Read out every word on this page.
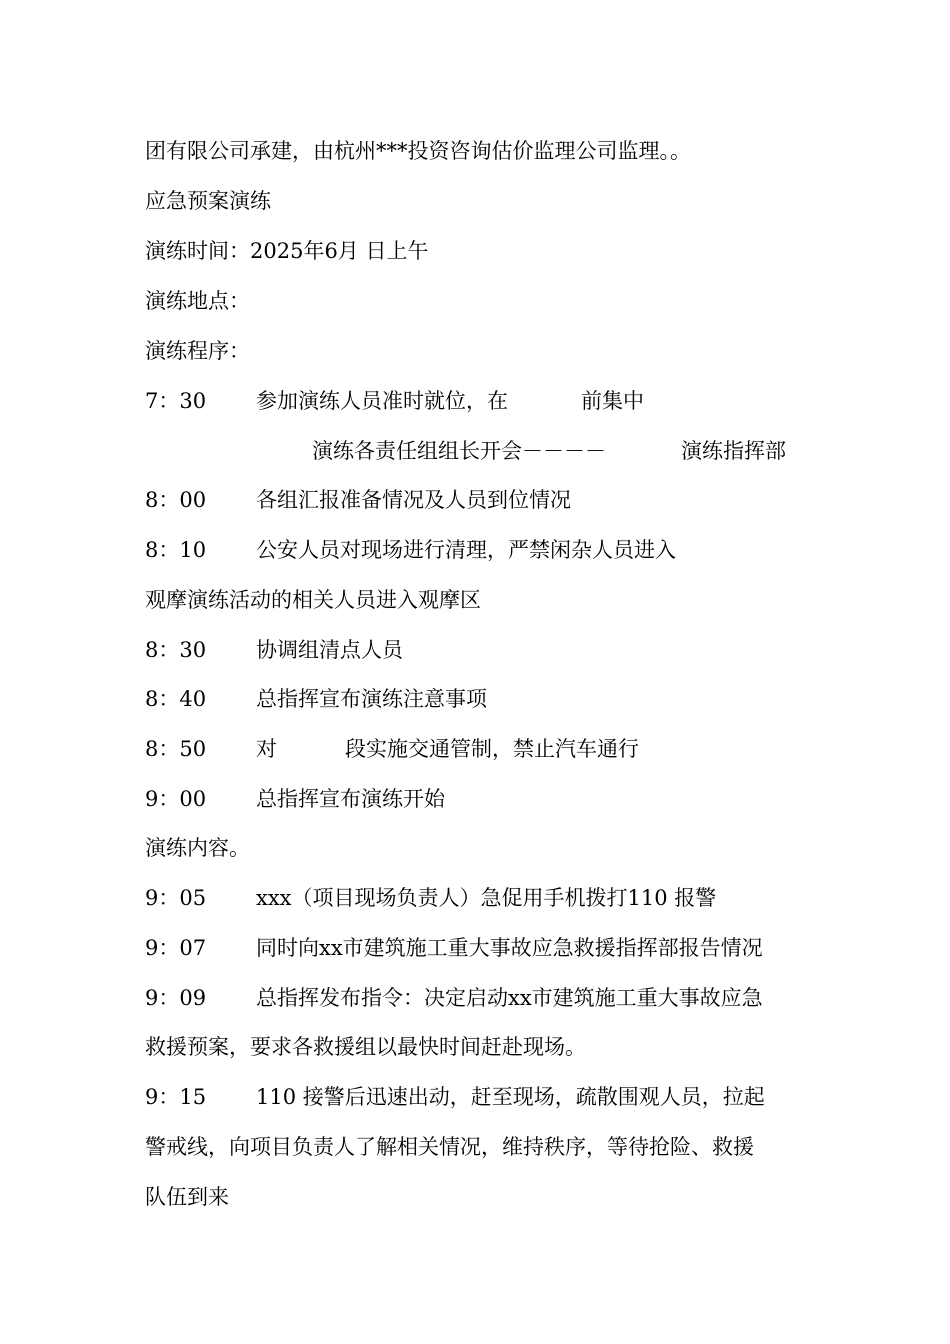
团有限公司承建，由杭州***投资咨询估价监理公司监理。。
应急预案演练
演练时间：2025年6月 日上午
演练地点：
演练程序：
7：30 参加演练人员准时就位，在	前集中
演练各责任组组长开会－－－－	演练指挥部
8：00 各组汇报准备情况及人员到位情况
8：10 公安人员对现场进行清理，严禁闲杂人员进入
观摩演练活动的相关人员进入观摩区
8：30 协调组清点人员
8：40 总指挥宣布演练注意事项
8：50 对	段实施交通管制，禁止汽车通行
9：00 总指挥宣布演练开始
演练内容。
9：05 xxx（项目现场负责人）急促用手机拨打110 报警
9：07 同时向xx市建筑施工重大事故应急救援指挥部报告情况
9：09 总指挥发布指令：决定启动xx市建筑施工重大事故应急
救援预案，要求各救援组以最快时间赶赴现场。
9：15 110 接警后迅速出动，赶至现场，疏散围观人员，拉起
警戒线，向项目负责人了解相关情况，维持秩序，等待抢险、救援
队伍到来
